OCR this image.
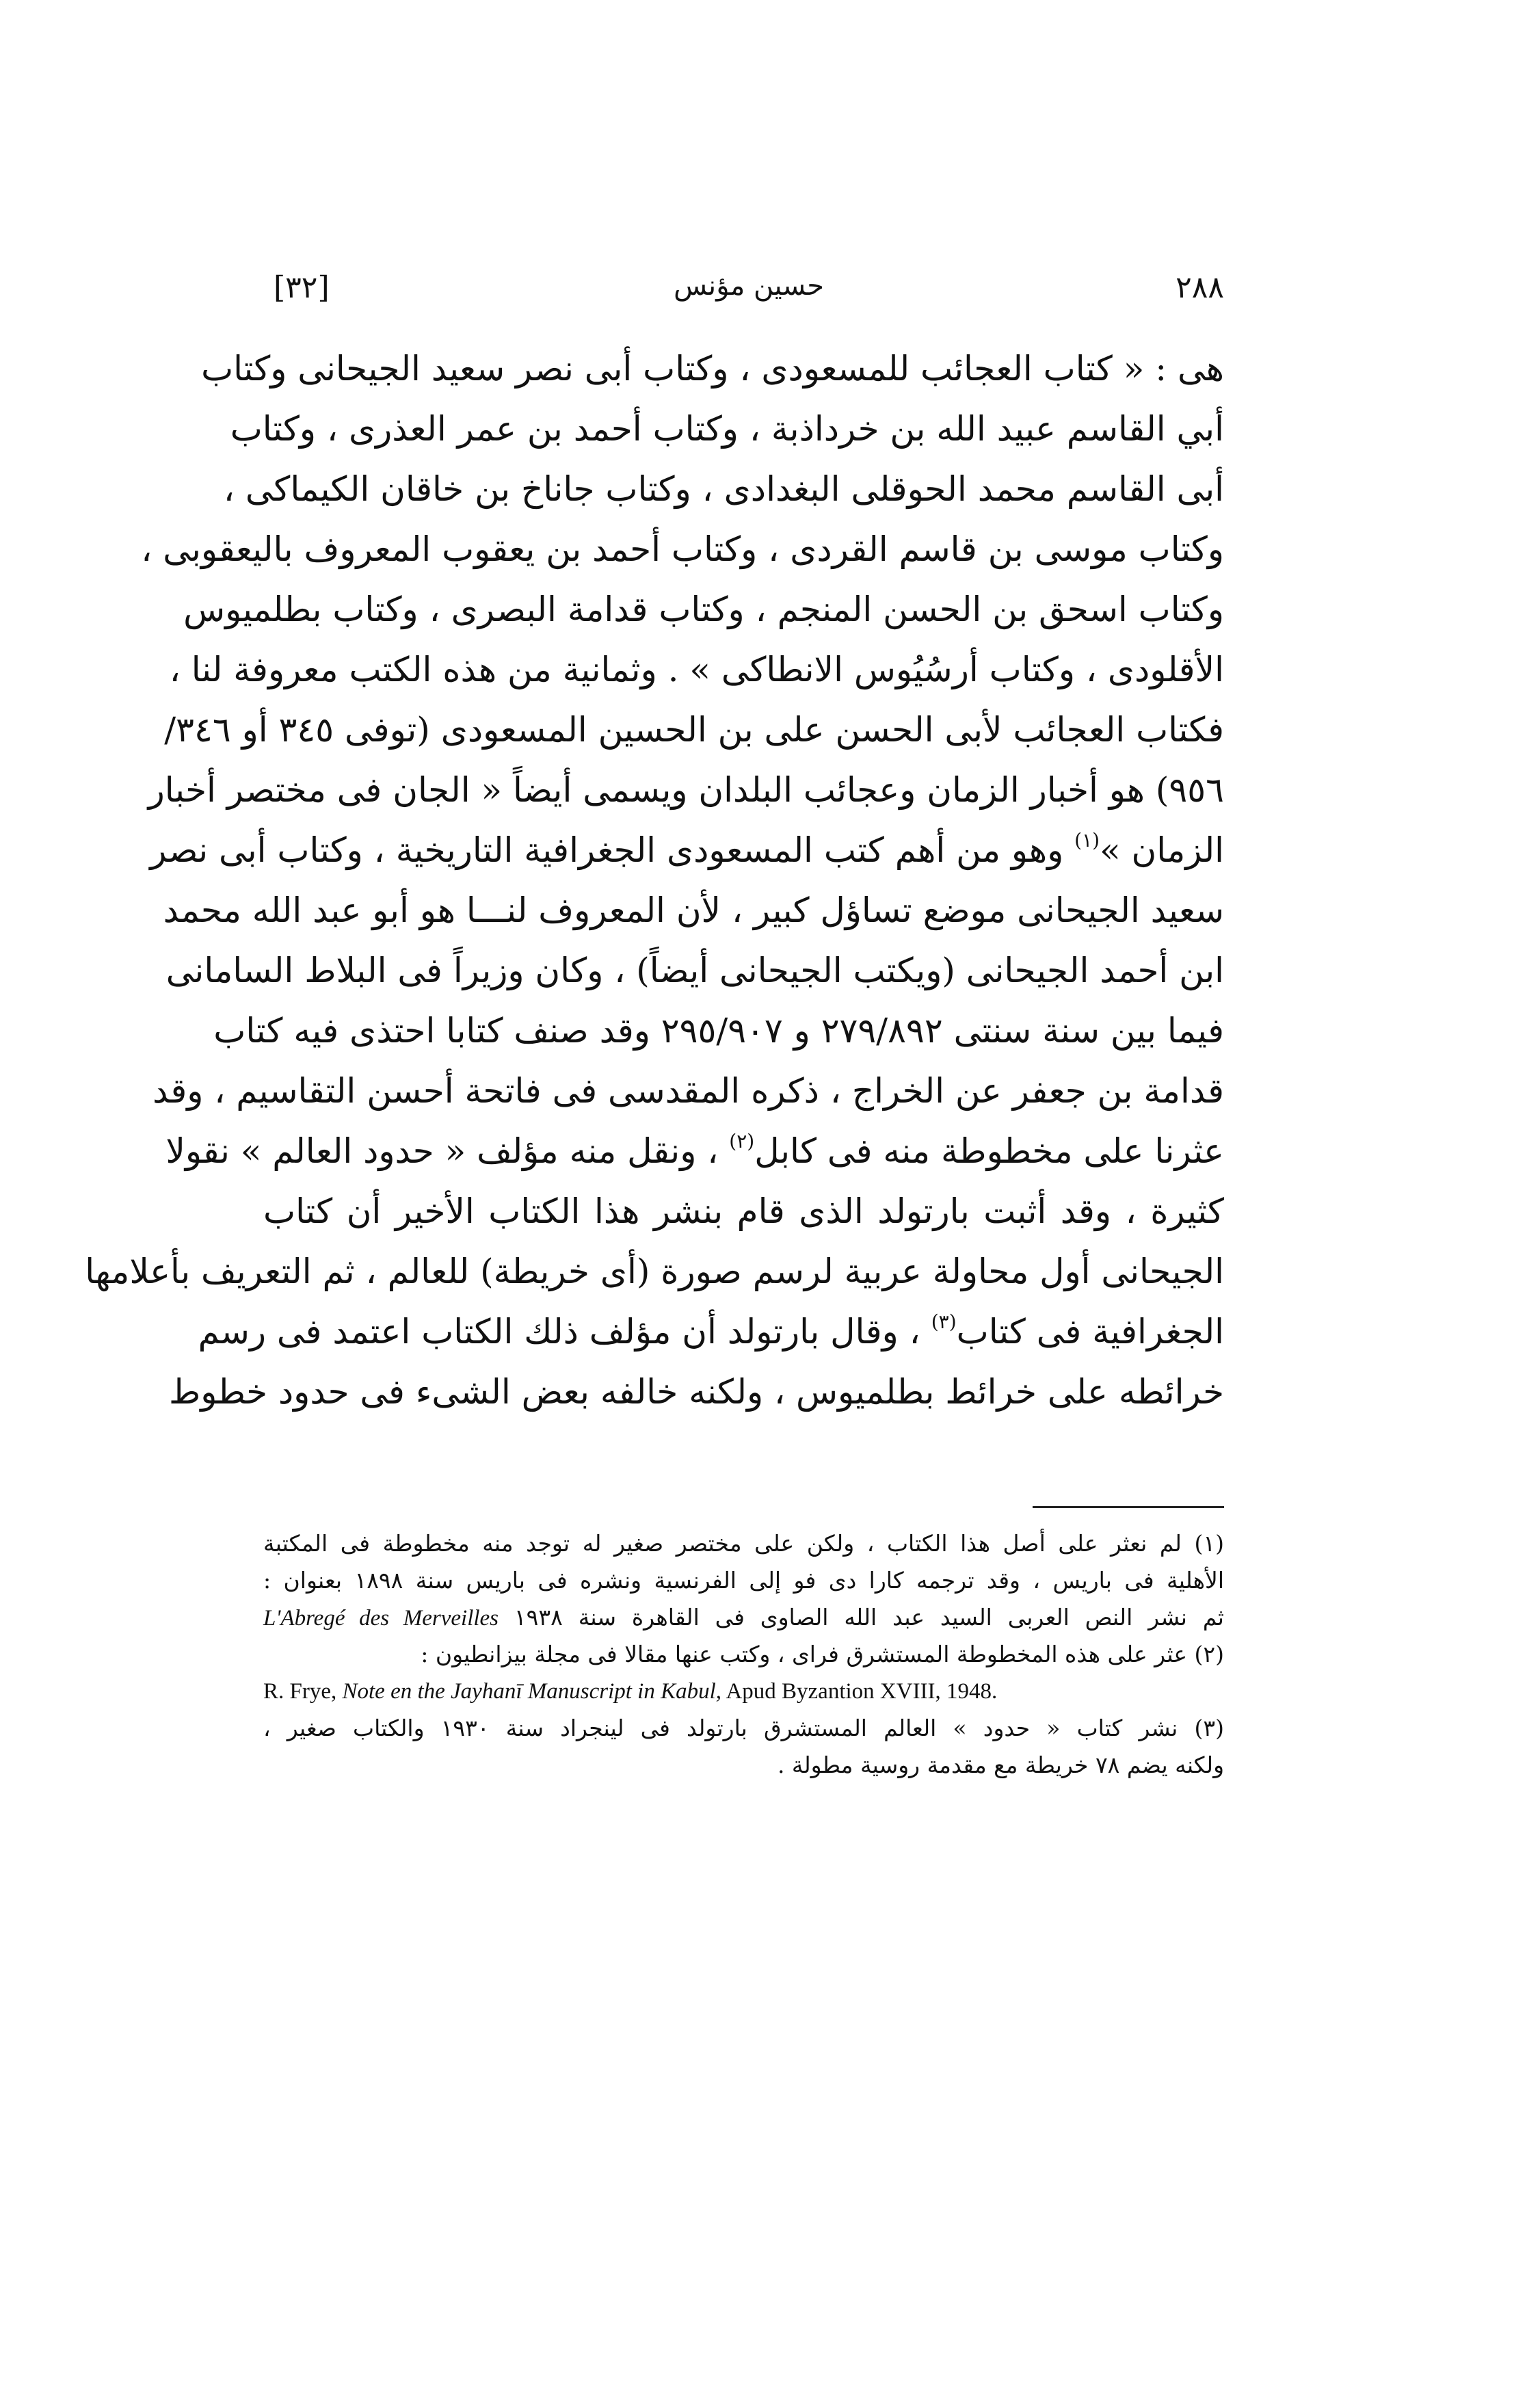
٢٨٨
حسين مؤنس
[٣٢]
هى : « كتاب العجائب للمسعودى ، وكتاب أبى نصر سعيد الجيحانى وكتاب
أبي القاسم عبيد الله بن خرداذبة ، وكتاب أحمد بن عمر العذرى ، وكتاب
أبى القاسم محمد الحوقلى البغدادى ، وكتاب جاناخ بن خاقان الكيماكى ،
وكتاب موسى بن قاسم القردى ، وكتاب أحمد بن يعقوب المعروف باليعقوبى ،
وكتاب اسحق بن الحسن المنجم ، وكتاب قدامة البصرى ، وكتاب بطلميوس
الأقلودى ، وكتاب أرسُيُوس الانطاكى » . وثمانية من هذه الكتب معروفة لنا ،
فكتاب العجائب لأبى الحسن على بن الحسين المسعودى (توفى ٣٤٥ أو ٣٤٦/
٩٥٦) هو أخبار الزمان وعجائب البلدان ويسمى أيضاً « الجان فى مختصر أخبار
الزمان »$^{(١)}$ وهو من أهم كتب المسعودى الجغرافية التاريخية ، وكتاب أبى نصر
سعيد الجيحانى موضع تساؤل كبير ، لأن المعروف لنـــا هو أبو عبد الله محمد
ابن أحمد الجيحانى (ويكتب الجيحانى أيضاً) ، وكان وزيراً فى البلاط السامانى
فيما بين سنة سنتى ٢٧٩/٨٩٢ و ٢٩٥/٩٠٧ وقد صنف كتابا احتذى فيه كتاب
قدامة بن جعفر عن الخراج ، ذكره المقدسى فى فاتحة أحسن التقاسيم ، وقد
عثرنا على مخطوطة منه فى كابل$^{(٢)}$ ، ونقل منه مؤلف « حدود العالم » نقولا
كثيرة ، وقد أثبت بارتولد الذى قام بنشر هذا الكتاب الأخير أن كتاب
الجيحانى أول محاولة عربية لرسم صورة (أى خريطة) للعالم ، ثم التعريف بأعلامها
الجغرافية فى كتاب$^{(٣)}$ ، وقال بارتولد أن مؤلف ذلك الكتاب اعتمد فى رسم
خرائطه على خرائط بطلميوس ، ولكنه خالفه بعض الشىء فى حدود خطوط
(١) لم نعثر على أصل هذا الكتاب ، ولكن على مختصر صغير له توجد منه مخطوطة فى المكتبة
الأهلية فى باريس ، وقد ترجمه كارا دى فو إلى الفرنسية ونشره فى باريس سنة ١٨٩٨ بعنوان :
ثم نشر النص العربى السيد عبد الله الصاوى فى القاهرة سنة ١٩٣٨ L'Abregé des Merveilles
(٢) عثر على هذه المخطوطة المستشرق فراى ، وكتب عنها مقالا فى مجلة بيزانطيون :
R. Frye, Note en the Jayhanī Manuscript in Kabul, Apud Byzantion XVIII, 1948.
(٣) نشر كتاب « حدود » العالم المستشرق بارتولد فى لينجراد سنة ١٩٣٠ والكتاب صغير ،
ولكنه يضم ٧٨ خريطة مع مقدمة روسية مطولة .
